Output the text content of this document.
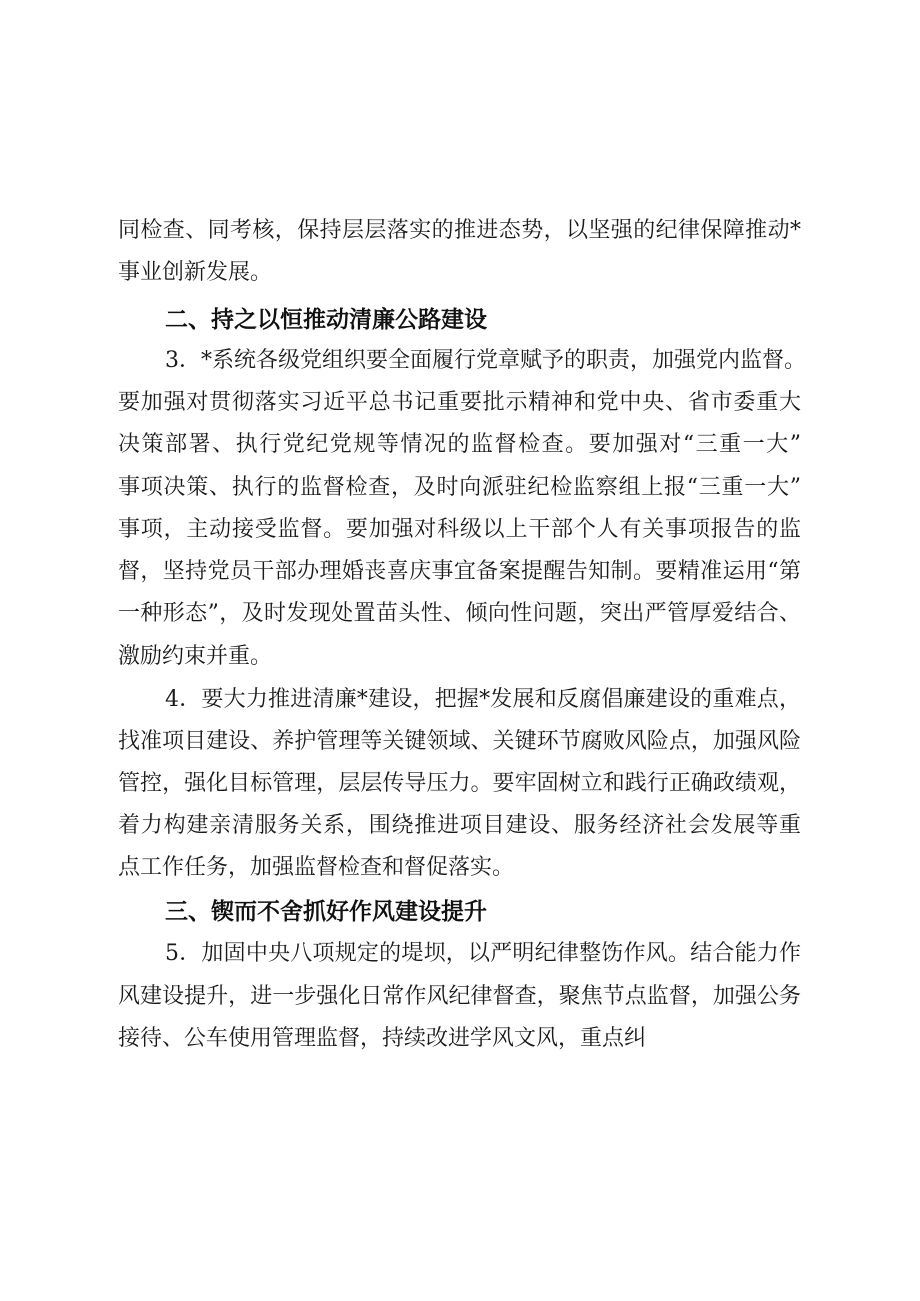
同检查、同考核，保持层层落实的推进态势，以坚强的纪律保障推动*
事业创新发展。
二、持之以恒推动清廉公路建设
3．*系统各级党组织要全面履行党章赋予的职责，加强党内监督。
要加强对贯彻落实习近平总书记重要批示精神和党中央、省市委重大
决策部署、执行党纪党规等情况的监督检查。要加强对“三重一大”
事项决策、执行的监督检查，及时向派驻纪检监察组上报“三重一大”
事项，主动接受监督。要加强对科级以上干部个人有关事项报告的监
督，坚持党员干部办理婚丧喜庆事宜备案提醒告知制。要精准运用“第
一种形态”，及时发现处置苗头性、倾向性问题，突出严管厚爱结合、
激励约束并重。
4．要大力推进清廉*建设，把握*发展和反腐倡廉建设的重难点，
找准项目建设、养护管理等关键领域、关键环节腐败风险点，加强风险
管控，强化目标管理，层层传导压力。要牢固树立和践行正确政绩观，
着力构建亲清服务关系，围绕推进项目建设、服务经济社会发展等重
点工作任务，加强监督检查和督促落实。
三、锲而不舍抓好作风建设提升
5．加固中央八项规定的堤坝，以严明纪律整饬作风。结合能力作
风建设提升，进一步强化日常作风纪律督查，聚焦节点监督，加强公务
接待、公车使用管理监督，持续改进学风文风，重点纠
